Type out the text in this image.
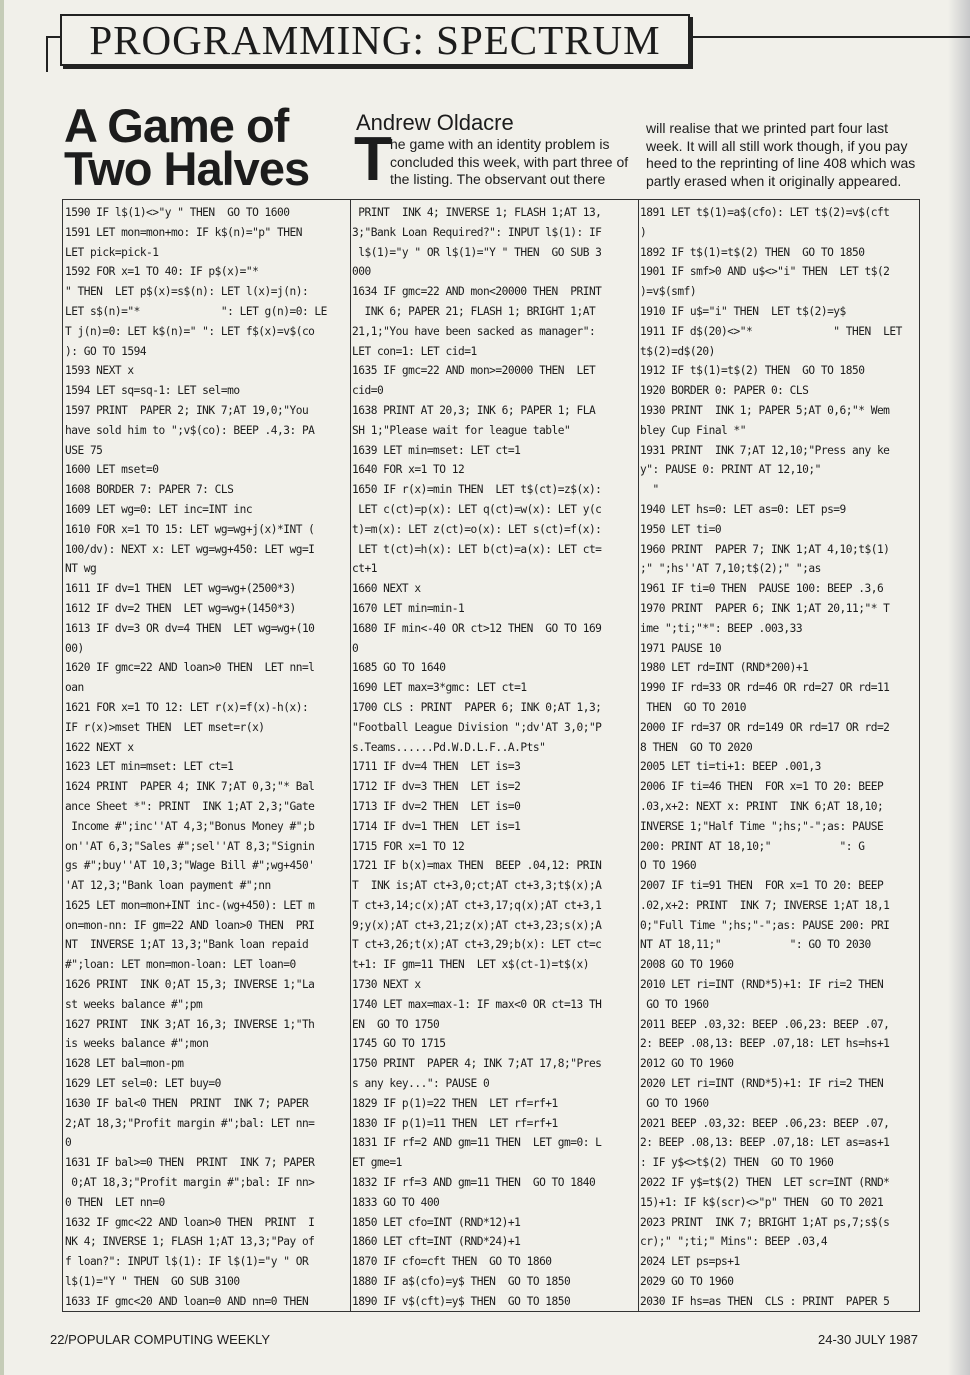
PROGRAMMING: SPECTRUM
A Game of
Two Halves
Andrew Oldacre
T
he game with an identity problem is concluded this week, with part three of the listing. The observant out there
will realise that we printed part four last week. It will all still work though, if you pay heed to the reprinting of line 408 which was partly erased when it originally appeared.
1590 IF l$(1)<>"y " THEN  GO TO 1600
1591 LET mon=mon+mo: IF k$(n)="p" THEN
LET pick=pick-1
1592 FOR x=1 TO 40: IF p$(x)="*
" THEN  LET p$(x)=s$(n): LET l(x)=j(n):
LET s$(n)="*             ": LET g(n)=0: LE
T j(n)=0: LET k$(n)=" ": LET f$(x)=v$(co
): GO TO 1594
1593 NEXT x
1594 LET sq=sq-1: LET sel=mo
1597 PRINT  PAPER 2; INK 7;AT 19,0;"You
have sold him to ";v$(co): BEEP .4,3: PA
USE 75
1600 LET mset=0
1608 BORDER 7: PAPER 7: CLS
1609 LET wg=0: LET inc=INT inc
1610 FOR x=1 TO 15: LET wg=wg+j(x)*INT (
100/dv): NEXT x: LET wg=wg+450: LET wg=I
NT wg
1611 IF dv=1 THEN  LET wg=wg+(2500*3)
1612 IF dv=2 THEN  LET wg=wg+(1450*3)
1613 IF dv=3 OR dv=4 THEN  LET wg=wg+(10
00)
1620 IF gmc=22 AND loan>0 THEN  LET nn=l
oan
1621 FOR x=1 TO 12: LET r(x)=f(x)-h(x):
IF r(x)>mset THEN  LET mset=r(x)
1622 NEXT x
1623 LET min=mset: LET ct=1
1624 PRINT  PAPER 4; INK 7;AT 0,3;"* Bal
ance Sheet *": PRINT  INK 1;AT 2,3;"Gate
Income #";inc''AT 4,3;"Bonus Money #";b
on''AT 6,3;"Sales #";sel''AT 8,3;"Signin
gs #";buy''AT 10,3;"Wage Bill #";wg+450'
'AT 12,3;"Bank loan payment #";nn
1625 LET mon=mon+INT inc-(wg+450): LET m
on=mon-nn: IF gm=22 AND loan>0 THEN  PRI
NT  INVERSE 1;AT 13,3;"Bank loan repaid
#";loan: LET mon=mon-loan: LET loan=0
1626 PRINT  INK 0;AT 15,3; INVERSE 1;"La
st weeks balance #";pm
1627 PRINT  INK 3;AT 16,3; INVERSE 1;"Th
is weeks balance #";mon
1628 LET bal=mon-pm
1629 LET sel=0: LET buy=0
1630 IF bal<0 THEN  PRINT  INK 7; PAPER
2;AT 18,3;"Profit margin #";bal: LET nn=
0
1631 IF bal>=0 THEN  PRINT  INK 7; PAPER
0;AT 18,3;"Profit margin #";bal: IF nn>
0 THEN  LET nn=0
1632 IF gmc<22 AND loan>0 THEN  PRINT  I
NK 4; INVERSE 1; FLASH 1;AT 13,3;"Pay of
f loan?": INPUT l$(1): IF l$(1)="y " OR
l$(1)="Y " THEN  GO SUB 3100
1633 IF gmc<20 AND loan=0 AND nn=0 THEN
PRINT  INK 4; INVERSE 1; FLASH 1;AT 13,
3;"Bank Loan Required?": INPUT l$(1): IF
l$(1)="y " OR l$(1)="Y " THEN  GO SUB 3
000
1634 IF gmc=22 AND mon<20000 THEN  PRINT
INK 6; PAPER 21; FLASH 1; BRIGHT 1;AT
21,1;"You have been sacked as manager":
LET con=1: LET cid=1
1635 IF gmc=22 AND mon>=20000 THEN  LET
cid=0
1638 PRINT AT 20,3; INK 6; PAPER 1; FLA
SH 1;"Please wait for league table"
1639 LET min=mset: LET ct=1
1640 FOR x=1 TO 12
1650 IF r(x)=min THEN  LET t$(ct)=z$(x):
LET c(ct)=p(x): LET q(ct)=w(x): LET y(c
t)=m(x): LET z(ct)=o(x): LET s(ct)=f(x):
LET t(ct)=h(x): LET b(ct)=a(x): LET ct=
ct+1
1660 NEXT x
1670 LET min=min-1
1680 IF min<-40 OR ct>12 THEN  GO TO 169
0
1685 GO TO 1640
1690 LET max=3*gmc: LET ct=1
1700 CLS : PRINT  PAPER 6; INK 0;AT 1,3;
"Football League Division ";dv'AT 3,0;"P
s.Teams......Pd.W.D.L.F..A.Pts"
1711 IF dv=4 THEN  LET is=3
1712 IF dv=3 THEN  LET is=2
1713 IF dv=2 THEN  LET is=0
1714 IF dv=1 THEN  LET is=1
1715 FOR x=1 TO 12
1721 IF b(x)=max THEN  BEEP .04,12: PRIN
T  INK is;AT ct+3,0;ct;AT ct+3,3;t$(x);A
T ct+3,14;c(x);AT ct+3,17;q(x);AT ct+3,1
9;y(x);AT ct+3,21;z(x);AT ct+3,23;s(x);A
T ct+3,26;t(x);AT ct+3,29;b(x): LET ct=c
t+1: IF gm=11 THEN  LET x$(ct-1)=t$(x)
1730 NEXT x
1740 LET max=max-1: IF max<0 OR ct=13 TH
EN  GO TO 1750
1745 GO TO 1715
1750 PRINT  PAPER 4; INK 7;AT 17,8;"Pres
s any key...": PAUSE 0
1829 IF p(1)=22 THEN  LET rf=rf+1
1830 IF p(1)=11 THEN  LET rf=rf+1
1831 IF rf=2 AND gm=11 THEN  LET gm=0: L
ET gme=1
1832 IF rf=3 AND gm=11 THEN  GO TO 1840
1833 GO TO 400
1850 LET cfo=INT (RND*12)+1
1860 LET cft=INT (RND*24)+1
1870 IF cfo=cft THEN  GO TO 1860
1880 IF a$(cfo)=y$ THEN  GO TO 1850
1890 IF v$(cft)=y$ THEN  GO TO 1850
1891 LET t$(1)=a$(cfo): LET t$(2)=v$(cft
)
1892 IF t$(1)=t$(2) THEN  GO TO 1850
1901 IF smf>0 AND u$<>"i" THEN  LET t$(2
)=v$(smf)
1910 IF u$="i" THEN  LET t$(2)=y$
1911 IF d$(20)<>"*             " THEN  LET
t$(2)=d$(20)
1912 IF t$(1)=t$(2) THEN  GO TO 1850
1920 BORDER 0: PAPER 0: CLS
1930 PRINT  INK 1; PAPER 5;AT 0,6;"* Wem
bley Cup Final *"
1931 PRINT  INK 7;AT 12,10;"Press any ke
y": PAUSE 0: PRINT AT 12,10;"
"
1940 LET hs=0: LET as=0: LET ps=9
1950 LET ti=0
1960 PRINT  PAPER 7; INK 1;AT 4,10;t$(1)
;" ";hs''AT 7,10;t$(2);" ";as
1961 IF ti=0 THEN  PAUSE 100: BEEP .3,6
1970 PRINT  PAPER 6; INK 1;AT 20,11;"* T
ime ";ti;"*": BEEP .003,33
1971 PAUSE 10
1980 LET rd=INT (RND*200)+1
1990 IF rd=33 OR rd=46 OR rd=27 OR rd=11
THEN  GO TO 2010
2000 IF rd=37 OR rd=149 OR rd=17 OR rd=2
8 THEN  GO TO 2020
2005 LET ti=ti+1: BEEP .001,3
2006 IF ti=46 THEN  FOR x=1 TO 20: BEEP
.03,x+2: NEXT x: PRINT  INK 6;AT 18,10;
INVERSE 1;"Half Time ";hs;"-";as: PAUSE
200: PRINT AT 18,10;"           ": G
O TO 1960
2007 IF ti=91 THEN  FOR x=1 TO 20: BEEP
.02,x+2: PRINT  INK 7; INVERSE 1;AT 18,1
0;"Full Time ";hs;"-";as: PAUSE 200: PRI
NT AT 18,11;"           ": GO TO 2030
2008 GO TO 1960
2010 LET ri=INT (RND*5)+1: IF ri=2 THEN
GO TO 1960
2011 BEEP .03,32: BEEP .06,23: BEEP .07,
2: BEEP .08,13: BEEP .07,18: LET hs=hs+1
2012 GO TO 1960
2020 LET ri=INT (RND*5)+1: IF ri=2 THEN
GO TO 1960
2021 BEEP .03,32: BEEP .06,23: BEEP .07,
2: BEEP .08,13: BEEP .07,18: LET as=as+1
: IF y$<>t$(2) THEN  GO TO 1960
2022 IF y$=t$(2) THEN  LET scr=INT (RND*
15)+1: IF k$(scr)<>"p" THEN  GO TO 2021
2023 PRINT  INK 7; BRIGHT 1;AT ps,7;s$(s
cr);" ";ti;" Mins": BEEP .03,4
2024 LET ps=ps+1
2029 GO TO 1960
2030 IF hs=as THEN  CLS : PRINT  PAPER 5
22/POPULAR COMPUTING WEEKLY	24-30 JULY 1987
